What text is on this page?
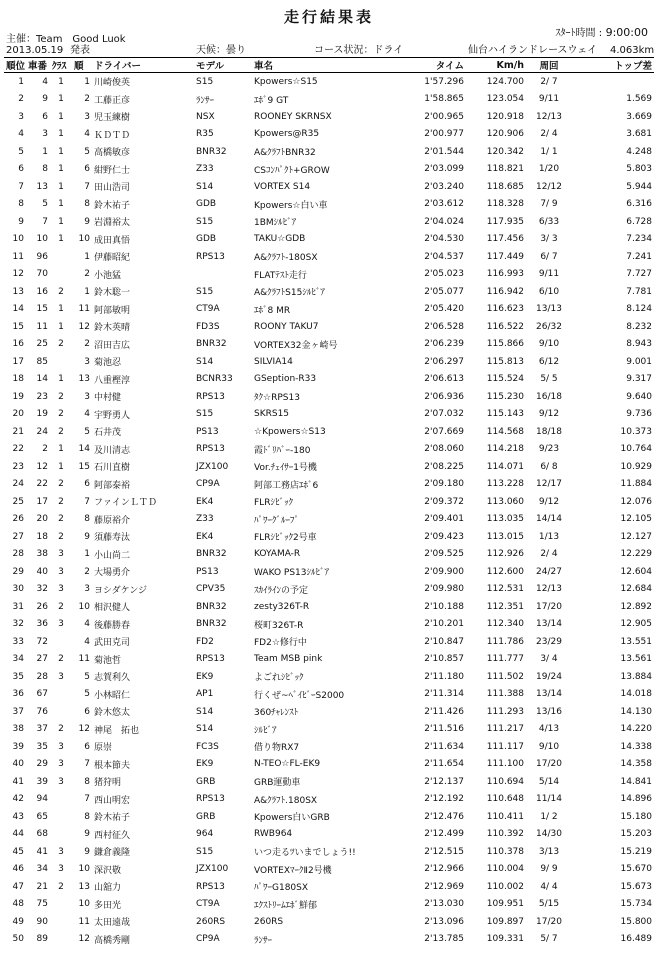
走行結果表
ｽﾀｰﾄ時間 : 9:00:00
主催：Team　Good Luok
2013.05.19 発表	天候：曇り	コース状況：ドライ	仙台ハイランドレースウェイ 4.063km
順位	車番	ｸﾗｽ	順	ドライバー	モデル	車名	タイム	Km/h	周回	トップ差
1	4	1	1	川崎俊英	S15	Kpowers☆S15	1'57.296	124.700	2/ 7	
2	9	1	2	工藤正彦	ﾗﾝｻｰ	ｴﾎﾞ9 GT	1'58.865	123.054	9/11	1.569
3	6	1	3	児玉練樹	NSX	ROONEY SKRNSX	2'00.965	120.918	12/13	3.669
4	3	1	4	ＫＤＴＤ	R35	Kpowers@R35	2'00.977	120.906	2/ 4	3.681
5	1	1	5	高橋敏彦	BNR32	A&ｸﾗﾌﾄBNR32	2'01.544	120.342	1/ 1	4.248
6	8	1	6	紺野仁士	Z33	CSｺﾝﾊﾟｸﾄ+GROW	2'03.099	118.821	1/20	5.803
7	13	1	7	田山浩司	S14	VORTEX S14	2'03.240	118.685	12/12	5.944
8	5	1	8	鈴木祐子	GDB	Kpowers☆白い車	2'03.612	118.328	7/ 9	6.316
9	7	1	9	岩淵裕太	S15	1BMｼﾙﾋﾞｱ	2'04.024	117.935	6/33	6.728
10	10	1	10	成田真悟	GDB	TAKU☆GDB	2'04.530	117.456	3/ 3	7.234
11	96		1	伊藤昭紀	RPS13	A&ｸﾗﾌﾄ-180SX	2'04.537	117.449	6/ 7	7.241
12	70		2	小池猛		FLATﾃｽﾄ走行	2'05.023	116.993	9/11	7.727
13	16	2	1	鈴木聡一	S15	A&ｸﾗﾌﾄS15ｼﾙﾋﾞｱ	2'05.077	116.942	6/10	7.781
14	15	1	11	阿部敏明	CT9A	ｴﾎﾞ8 MR	2'05.420	116.623	13/13	8.124
15	11	1	12	鈴木英晴	FD3S	ROONY TAKU7	2'06.528	116.522	26/32	8.232
16	25	2	2	沼田吉広	BNR32	VORTEX32金ヶ崎号	2'06.239	115.866	9/10	8.943
17	85		3	菊池忍	S14	SILVIA14	2'06.297	115.813	6/12	9.001
18	14	1	13	八重樫淳	BCNR33	GSeption-R33	2'06.613	115.524	5/ 5	9.317
19	23	2	3	中村健	RPS13	ﾀｸ☆RPS13	2'06.936	115.230	16/18	9.640
20	19	2	4	宇野勇人	S15	SKRS15	2'07.032	115.143	9/12	9.736
21	24	2	5	石井茂	PS13	☆Kpowers☆S13	2'07.669	114.568	18/18	10.373
22	2	1	14	及川清志	RPS13	霞ﾄﾞﾘﾊﾞｰ-180	2'08.060	114.218	9/23	10.764
23	12	1	15	石川直樹	JZX100	Vor.ﾁｪｲｻｰ1号機	2'08.225	114.071	6/ 8	10.929
24	22	2	6	阿部泰裕	CP9A	阿部工務店ｴﾎﾞ6	2'09.180	113.228	12/17	11.884
25	17	2	7	ファインＬＴＤ	EK4	FLRｼﾋﾞｯｸ	2'09.372	113.060	9/12	12.076
26	20	2	8	藤原裕介	Z33	ﾊﾟﾜｰｸﾞﾙｰﾌﾟ	2'09.401	113.035	14/14	12.105
27	18	2	9	須藤寿汰	EK4	FLRｼﾋﾞｯｸ2号車	2'09.423	113.015	1/13	12.127
28	38	3	1	小山尚二	BNR32	KOYAMA-R	2'09.525	112.926	2/ 4	12.229
29	40	3	2	大場勇介	PS13	WAKO PS13ｼﾙﾋﾞｱ	2'09.900	112.600	24/27	12.604
30	32	3	3	ヨシダケンジ	CPV35	ｽｶｲﾗｲﾝの予定	2'09.980	112.531	12/13	12.684
31	26	2	10	相沢健人	BNR32	zesty326T-R	2'10.188	112.351	17/20	12.892
32	36	3	4	後藤勝春	BNR32	桜町326T-R	2'10.201	112.340	13/14	12.905
33	72		4	武田克司	FD2	FD2☆修行中	2'10.847	111.786	23/29	13.551
34	27	2	11	菊池哲	RPS13	Team MSB pink	2'10.857	111.777	3/ 4	13.561
35	28	3	5	志賀利久	EK9	よごれｼﾋﾞｯｸ	2'11.180	111.502	19/24	13.884
36	67		5	小林昭仁	AP1	行くぜ~ﾍﾞｲﾋﾞｰS2000	2'11.314	111.388	13/14	14.018
37	76		6	鈴木悠太	S14	360ﾁｬﾚﾝｽﾄ	2'11.426	111.293	13/16	14.130
38	37	2	12	神尾　拓也	S14	ｼﾙﾋﾞｱ	2'11.516	111.217	4/13	14.220
39	35	3	6	原崇	FC3S	借り物RX7	2'11.634	111.117	9/10	14.338
40	29	3	7	根本節夫	EK9	N-TEO☆FL-EK9	2'11.654	111.100	17/20	14.358
41	39	3	8	猪狩明	GRB	GRB運動車	2'12.137	110.694	5/14	14.841
42	94		7	西山明宏	RPS13	A&ｸﾗﾌﾄ.180SX	2'12.192	110.648	11/14	14.896
43	65		8	鈴木祐子	GRB	Kpowers白いGRB	2'12.476	110.411	1/ 2	15.180
44	68		9	西村征久	964	RWB964	2'12.499	110.392	14/30	15.203
45	41	3	9	鎌倉義隆	S15	いつ走るﾂいまでしょう!!	2'12.515	110.378	3/13	15.219
46	34	3	10	深沢敬	JZX100	VORTEXﾏｰｸⅡ2号機	2'12.966	110.004	9/ 9	15.670
47	21	2	13	山舘力	RPS13	ﾊﾟﾜｰG180SX	2'12.969	110.002	4/ 4	15.673
48	75		10	多田光	CT9A	ｴｸｽﾄﾘｰﾑｴﾎﾞ鮮郁	2'13.030	109.951	5/15	15.734
49	90		11	太田遠哉	260RS	260RS	2'13.096	109.897	17/20	15.800
50	89		12	高橋秀剛	CP9A	ﾗﾝｻｰ	2'13.785	109.331	5/ 7	16.489
